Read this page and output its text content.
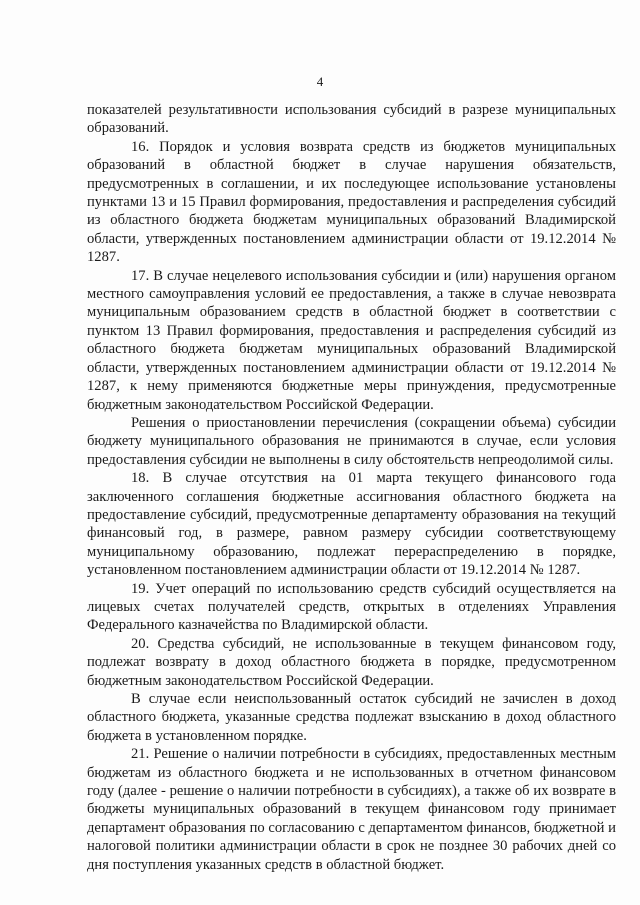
4

показателей результативности использования субсидий в разрезе муниципальных образований.

16. Порядок и условия возврата средств из бюджетов муниципальных образований в областной бюджет в случае нарушения обязательств, предусмотренных в соглашении, и их последующее использование установлены пунктами 13 и 15 Правил формирования, предоставления и распределения субсидий из областного бюджета бюджетам муниципальных образований Владимирской области, утвержденных постановлением администрации области от 19.12.2014 № 1287.

17. В случае нецелевого использования субсидии и (или) нарушения органом местного самоуправления условий ее предоставления, а также в случае невозврата муниципальным образованием средств в областной бюджет в соответствии с пунктом 13 Правил формирования, предоставления и распределения субсидий из областного бюджета бюджетам муниципальных образований Владимирской области, утвержденных постановлением администрации области от 19.12.2014 № 1287, к нему применяются бюджетные меры принуждения, предусмотренные бюджетным законодательством Российской Федерации.

Решения о приостановлении перечисления (сокращении объема) субсидии бюджету муниципального образования не принимаются в случае, если условия предоставления субсидии не выполнены в силу обстоятельств непреодолимой силы.

18. В случае отсутствия на 01 марта текущего финансового года заключенного соглашения бюджетные ассигнования областного бюджета на предоставление субсидий, предусмотренные департаменту образования на текущий финансовый год, в размере, равном размеру субсидии соответствующему муниципальному образованию, подлежат перераспределению в порядке, установленном постановлением администрации области от 19.12.2014 № 1287.

19. Учет операций по использованию средств субсидий осуществляется на лицевых счетах получателей средств, открытых в отделениях Управления Федерального казначейства по Владимирской области.

20. Средства субсидий, не использованные в текущем финансовом году, подлежат возврату в доход областного бюджета в порядке, предусмотренном бюджетным законодательством Российской Федерации.

В случае если неиспользованный остаток субсидий не зачислен в доход областного бюджета, указанные средства подлежат взысканию в доход областного бюджета в установленном порядке.

21. Решение о наличии потребности в субсидиях, предоставленных местным бюджетам из областного бюджета и не использованных в отчетном финансовом году (далее - решение о наличии потребности в субсидиях), а также об их возврате в бюджеты муниципальных образований в текущем финансовом году принимает департамент образования по согласованию с департаментом финансов, бюджетной и налоговой политики администрации области в срок не позднее 30 рабочих дней со дня поступления указанных средств в областной бюджет.
